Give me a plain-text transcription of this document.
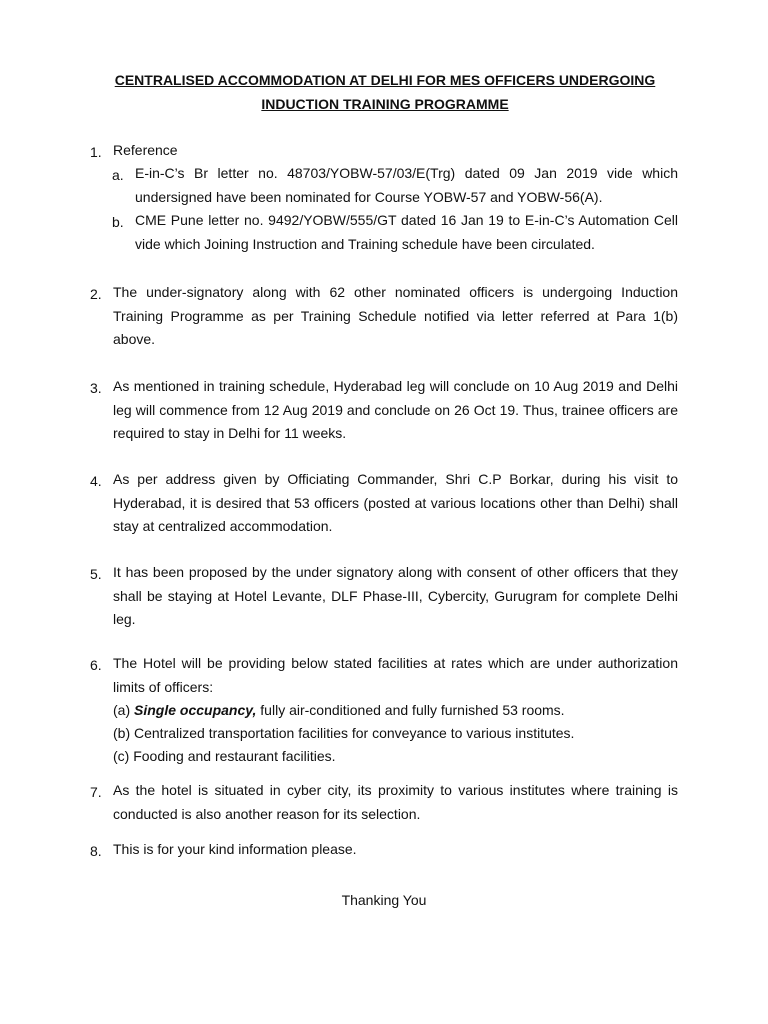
CENTRALISED ACCOMMODATION AT DELHI FOR MES OFFICERS UNDERGOING
INDUCTION TRAINING PROGRAMME
1. Reference
a. E-in-C’s Br letter no. 48703/YOBW-57/03/E(Trg) dated 09 Jan 2019 vide which undersigned have been nominated for Course YOBW-57 and YOBW-56(A).
b. CME Pune letter no. 9492/YOBW/555/GT dated 16 Jan 19 to E-in-C’s Automation Cell vide which Joining Instruction and Training schedule have been circulated.
2. The under-signatory along with 62 other nominated officers is undergoing Induction Training Programme as per Training Schedule notified via letter referred at Para 1(b) above.
3. As mentioned in training schedule, Hyderabad leg will conclude on 10 Aug 2019 and Delhi leg will commence from 12 Aug 2019 and conclude on 26 Oct 19. Thus, trainee officers are required to stay in Delhi for 11 weeks.
4. As per address given by Officiating Commander, Shri C.P Borkar, during his visit to Hyderabad, it is desired that 53 officers (posted at various locations other than Delhi) shall stay at centralized accommodation.
5. It has been proposed by the under signatory along with consent of other officers that they shall be staying at Hotel Levante, DLF Phase-III, Cybercity, Gurugram for complete Delhi leg.
6. The Hotel will be providing below stated facilities at rates which are under authorization limits of officers:
(a) Single occupancy, fully air-conditioned and fully furnished 53 rooms.
(b) Centralized transportation facilities for conveyance to various institutes.
(c) Fooding and restaurant facilities.
7. As the hotel is situated in cyber city, its proximity to various institutes where training is conducted is also another reason for its selection.
8. This is for your kind information please.
Thanking You
